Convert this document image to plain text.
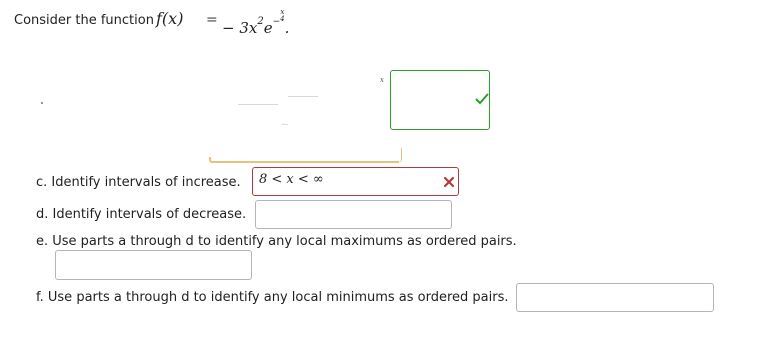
Consider the function f(x) = − $3x^2e^-x$
4.
x
c. Identify intervals of increase. 8 < x < ∞
d. Identify intervals of decrease.
e. Use parts a through d to identify any local maximums as ordered pairs.
f. Use parts a through d to identify any local minimums as ordered pairs.
